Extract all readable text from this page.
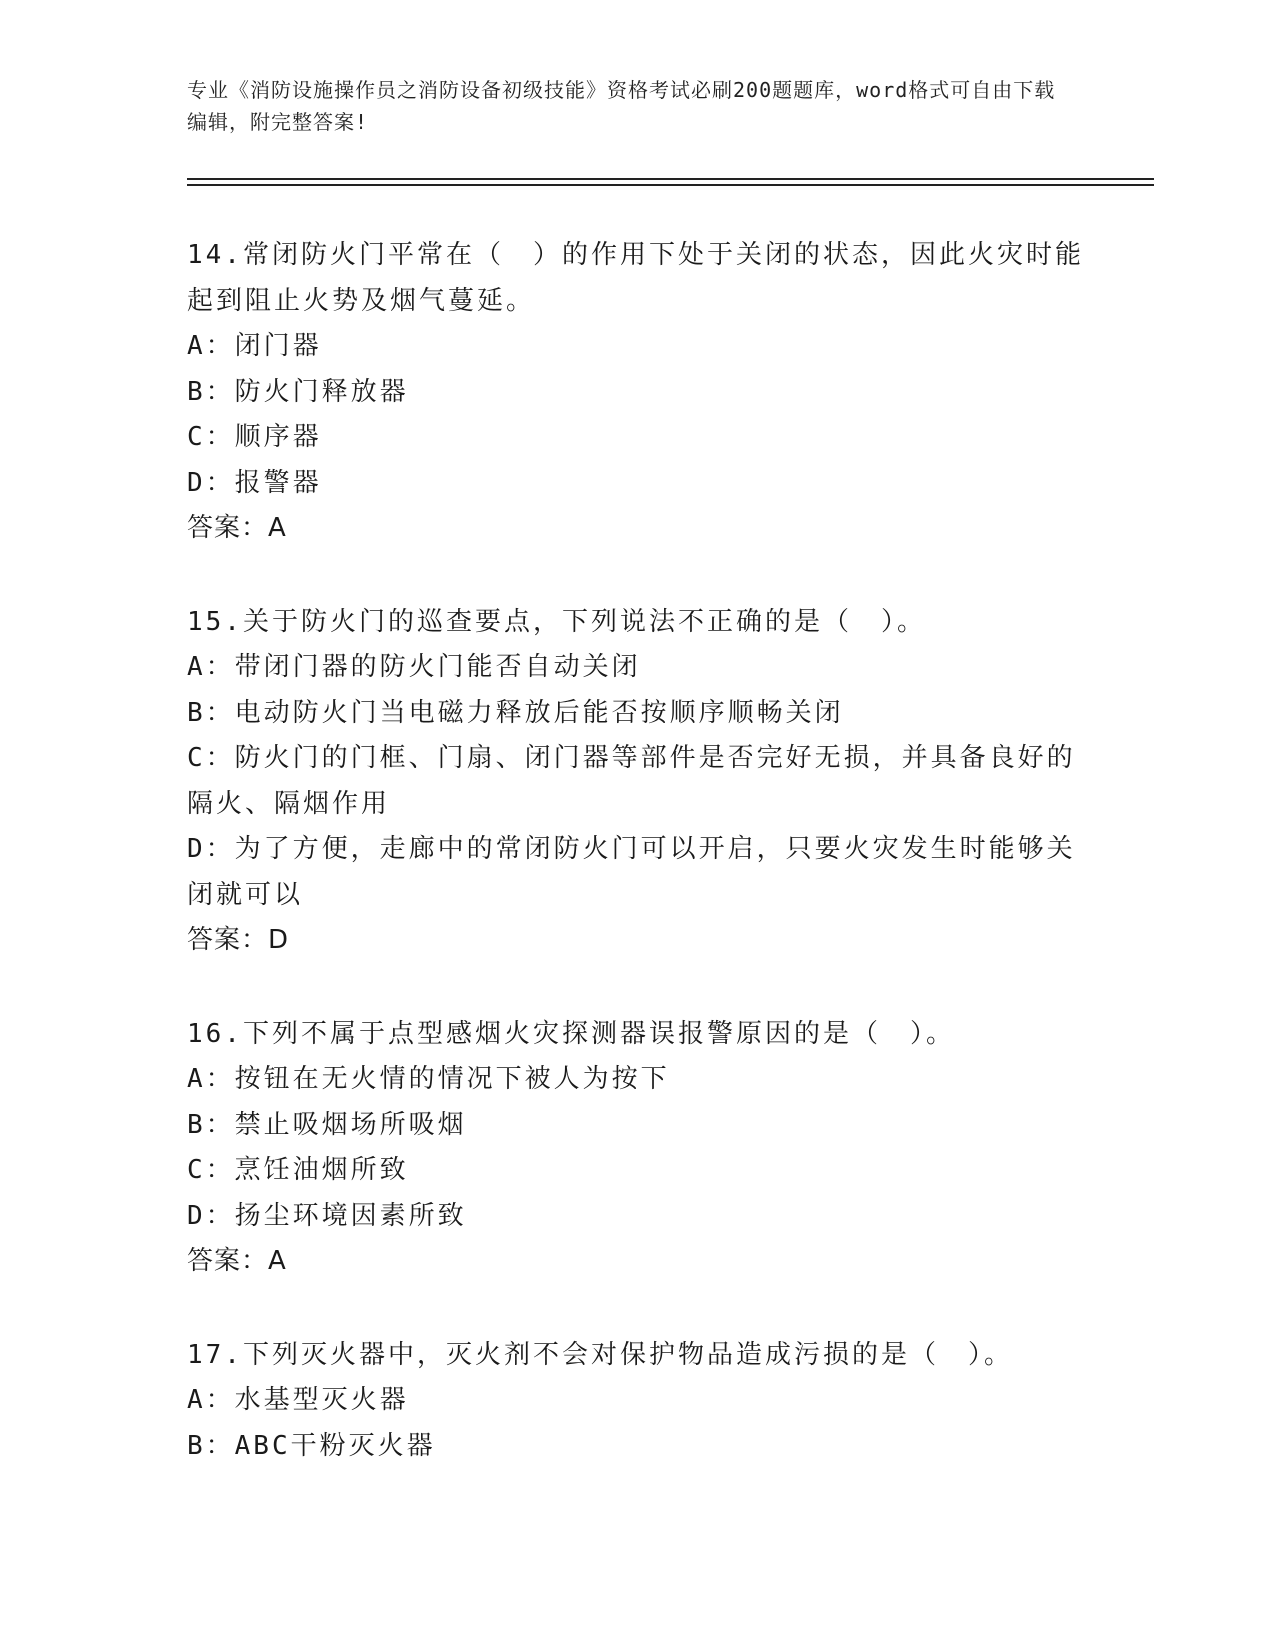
专业《消防设施操作员之消防设备初级技能》资格考试必刷200题题库，word格式可自由下载编辑，附完整答案!

14.常闭防火门平常在（　）的作用下处于关闭的状态，因此火灾时能起到阻止火势及烟气蔓延。

A：闭门器

B：防火门释放器

C：顺序器

D：报警器

答案：A

15.关于防火门的巡查要点，下列说法不正确的是（　）。

A：带闭门器的防火门能否自动关闭

B：电动防火门当电磁力释放后能否按顺序顺畅关闭

C：防火门的门框、门扇、闭门器等部件是否完好无损，并具备良好的隔火、隔烟作用

D：为了方便，走廊中的常闭防火门可以开启，只要火灾发生时能够关闭就可以

答案：D

16.下列不属于点型感烟火灾探测器误报警原因的是（　）。

A：按钮在无火情的情况下被人为按下

B：禁止吸烟场所吸烟

C：烹饪油烟所致

D：扬尘环境因素所致

答案：A

17.下列灭火器中，灭火剂不会对保护物品造成污损的是（　）。

A：水基型灭火器

B：ABC干粉灭火器
